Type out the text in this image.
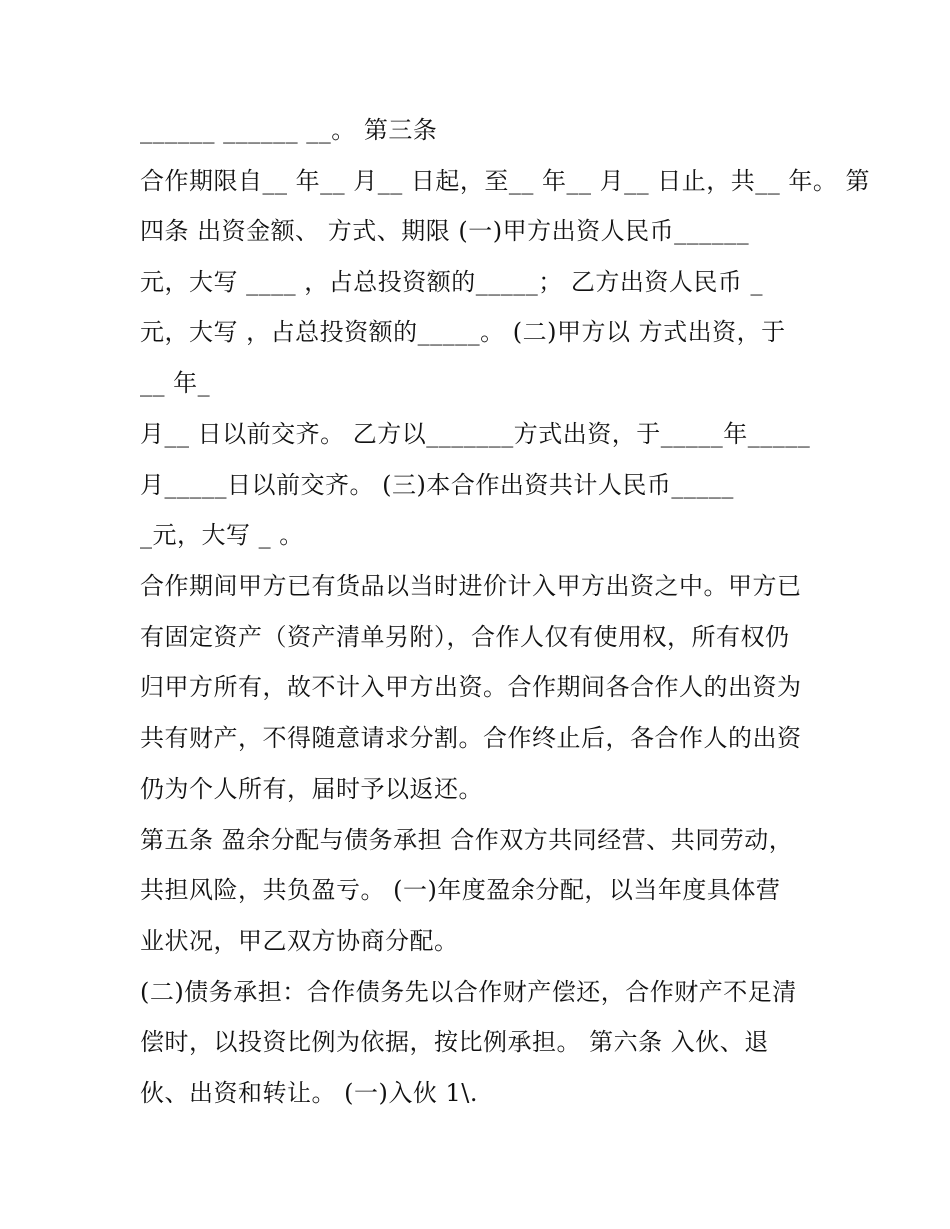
______ ______ __。 第三条
合作期限自__ 年__ 月__ 日起，至__ 年__ 月__ 日止，共__ 年。 第
四条 出资金额、 方式、期限 (一)甲方出资人民币______
元，大写 ____ ，占总投资额的_____； 乙方出资人民币 _
元，大写 ，占总投资额的_____。 (二)甲方以 方式出资，于
__ 年_
月__ 日以前交齐。 乙方以_______方式出资，于_____年_____
月_____日以前交齐。 (三)本合作出资共计人民币_____
_元，大写 _ 。
合作期间甲方已有货品以当时进价计入甲方出资之中。甲方已
有固定资产（资产清单另附），合作人仅有使用权，所有权仍
归甲方所有，故不计入甲方出资。合作期间各合作人的出资为
共有财产，不得随意请求分割。合作终止后，各合作人的出资
仍为个人所有，届时予以返还。
第五条 盈余分配与债务承担 合作双方共同经营、共同劳动，
共担风险，共负盈亏。 (一)年度盈余分配，以当年度具体营
业状况，甲乙双方协商分配。
(二)债务承担：合作债务先以合作财产偿还，合作财产不足清
偿时，以投资比例为依据，按比例承担。 第六条 入伙、退
伙、出资和转让。 (一)入伙 1\.
